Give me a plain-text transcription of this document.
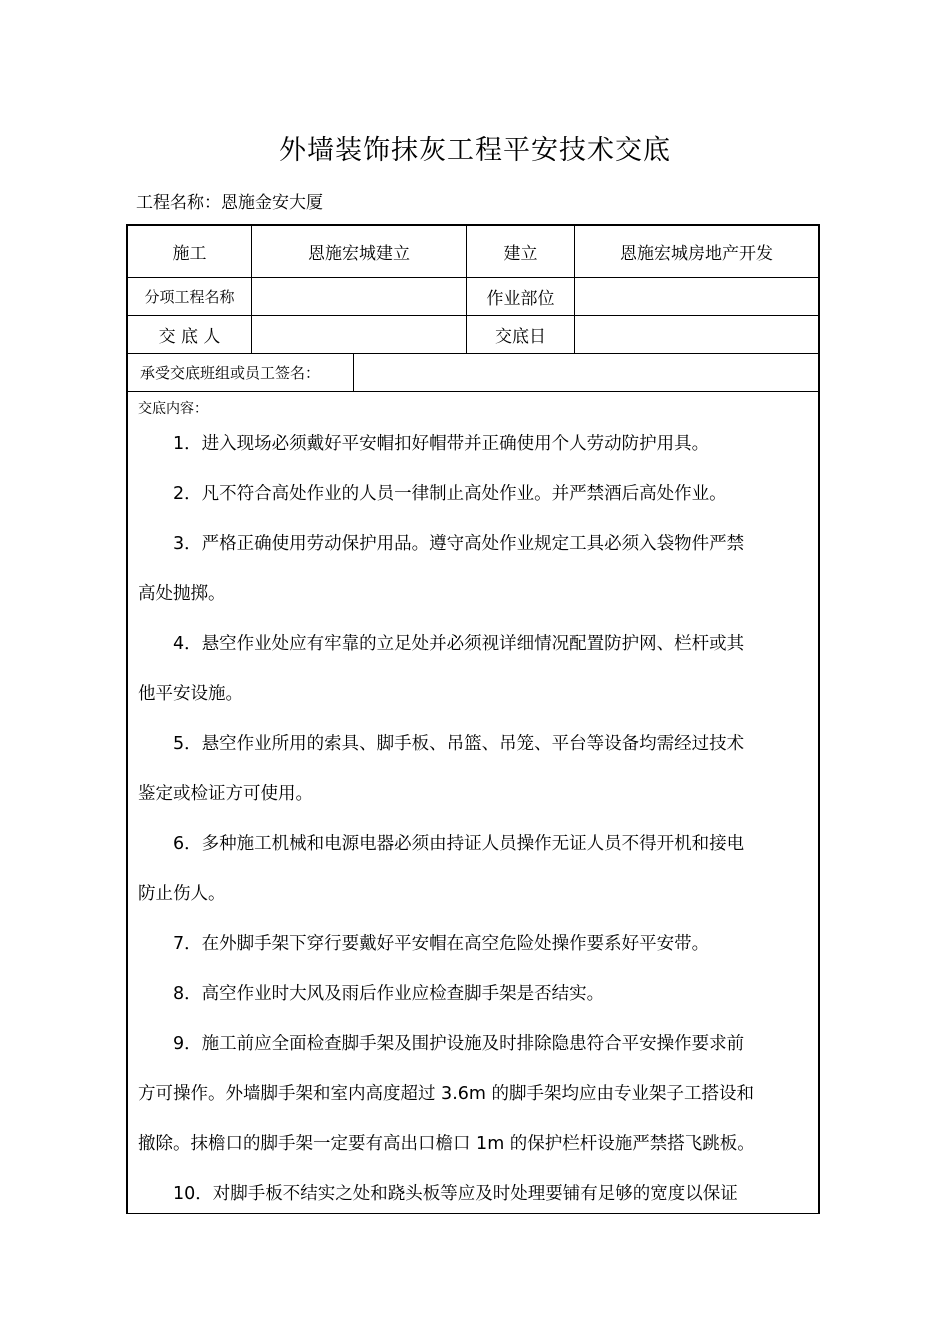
外墙装饰抹灰工程平安技术交底
工程名称：恩施金安大厦
施工	恩施宏城建立	建立	恩施宏城房地产开发
分项工程名称	作业部位
交 底 人	交底日
承受交底班组或员工签名：
交底内容：
　　1．进入现场必须戴好平安帽扣好帽带并正确使用个人劳动防护用具。
　　2．凡不符合高处作业的人员一律制止高处作业。并严禁酒后高处作业。
　　3．严格正确使用劳动保护用品。遵守高处作业规定工具必须入袋物件严禁
高处抛掷。
　　4．悬空作业处应有牢靠的立足处并必须视详细情况配置防护网、栏杆或其
他平安设施。
　　5．悬空作业所用的索具、脚手板、吊篮、吊笼、平台等设备均需经过技术
鉴定或检证方可使用。
　　6．多种施工机械和电源电器必须由持证人员操作无证人员不得开机和接电
防止伤人。
　　7．在外脚手架下穿行要戴好平安帽在高空危险处操作要系好平安带。
　　8．高空作业时大风及雨后作业应检查脚手架是否结实。
　　9．施工前应全面检查脚手架及围护设施及时排除隐患符合平安操作要求前
方可操作。外墙脚手架和室内高度超过 3.6m 的脚手架均应由专业架子工搭设和
撤除。抹檐口的脚手架一定要有高出口檐口 1m 的保护栏杆设施严禁搭飞跳板。
　　10．对脚手板不结实之处和跷头板等应及时处理要铺有足够的宽度以保证
